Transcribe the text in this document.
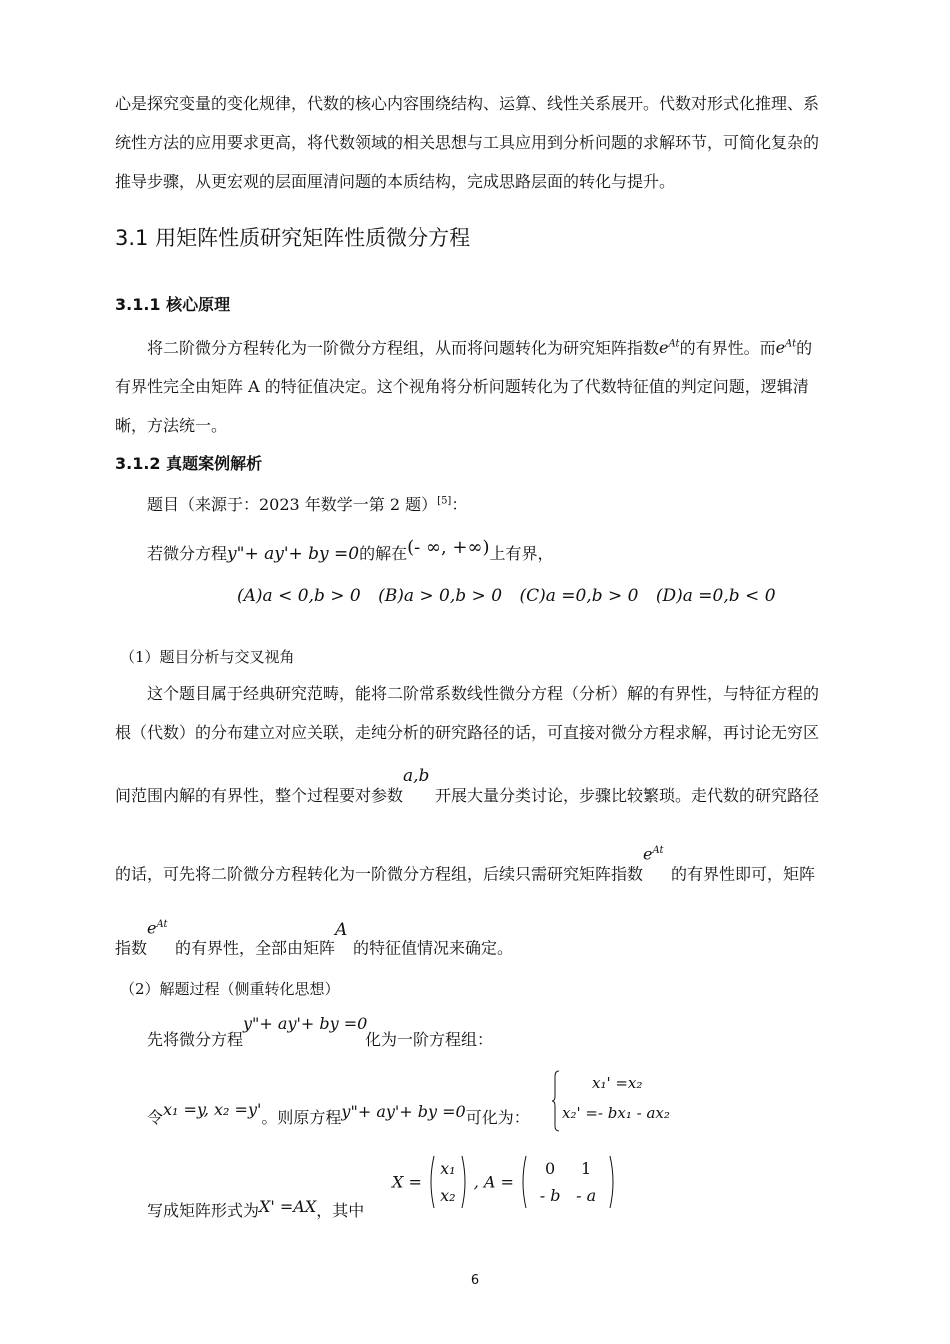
心是探究变量的变化规律，代数的核心内容围绕结构、运算、线性关系展开。代数对形式化推理、系
统性方法的应用要求更高，将代数领域的相关思想与工具应用到分析问题的求解环节，可简化复杂的
推导步骤，从更宏观的层面厘清问题的本质结构，完成思路层面的转化与提升。

3.1 用矩阵性质研究矩阵性质微分方程
3.1.1 核心原理

将二阶微分方程转化为一阶微分方程组，从而将问题转化为研究矩阵指数$e^{At}$的有界性。而$e^{At}$的
有界性完全由矩阵 A 的特征值决定。这个视角将分析问题转化为了代数特征值的判定问题，逻辑清
晰，方法统一。

3.1.2 真题案例解析

题目（来源于：2023 年数学一第 2 题）[5]：

若微分方程y"+ ay'+ by =0的解在(- ∞, +∞)上有界，

(A)a < 0,b > 0 (B)a > 0,b > 0 (C)a =0,b > 0 (D)a =0,b < 0

（1）题目分析与交叉视角

这个题目属于经典研究范畴，能将二阶常系数线性微分方程（分析）解的有界性，与特征方程的
根（代数）的分布建立对应关联，走纯分析的研究路径的话，可直接对微分方程求解，再讨论无穷区

间范围内解的有界性，整个过程要对参数a,b开展大量分类讨论，步骤比较繁琐。走代数的研究路径

的话，可先将二阶微分方程转化为一阶微分方程组，后续只需研究矩阵指数$e^{At}$的有界性即可，矩阵

指数$e^{At}$的有界性，全部由矩阵A的特征值情况来确定。

（2）解题过程（侧重转化思想）

先将微分方程y"+ ay'+ by =0化为一阶方程组：

令x₁ =y, x₂ =y'。则原方程y"+ ay'+ by =0可化为：

x₁' =x₂
x₂' =- bx₁ - ax₂

写成矩阵形式为X' =AX，其中

X =  x₁
x₂  , A =  0 1
- b - a
6
